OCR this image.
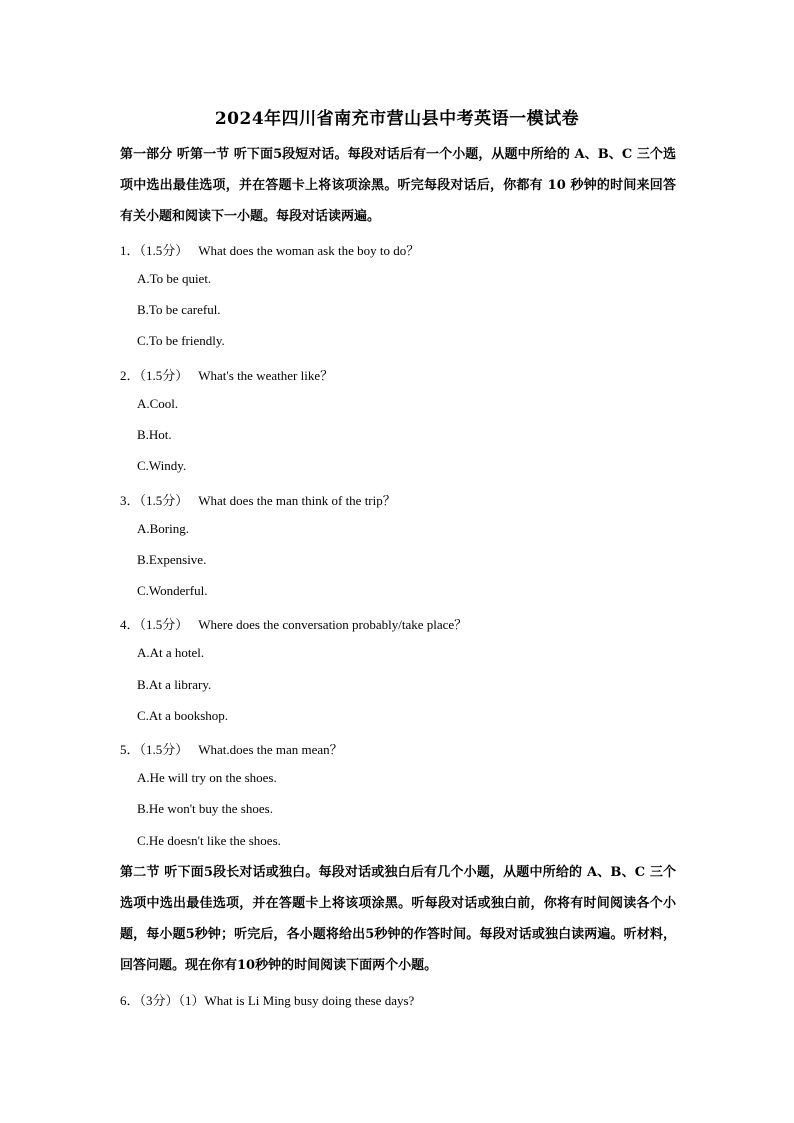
2024年四川省南充市营山县中考英语一模试卷
第一部分 听第一节 听下面5段短对话。每段对话后有一个小题，从题中所给的 A、B、C 三个选项中选出最佳选项，并在答题卡上将该项涂黑。听完每段对话后，你都有 10 秒钟的时间来回答有关小题和阅读下一小题。每段对话读两遍。
1．（1.5分） What does the woman ask the boy to do？
A.To be quiet.
B.To be careful.
C.To be friendly.
2．（1.5分） What's the weather like？
A.Cool.
B.Hot.
C.Windy.
3．（1.5分） What does the man think of the trip？
A.Boring.
B.Expensive.
C.Wonderful.
4．（1.5分） Where does the conversation probably/take place？
A.At a hotel.
B.At a library.
C.At a bookshop.
5．（1.5分） What.does the man mean？
A.He will try on the shoes.
B.He won't buy the shoes.
C.He doesn't like the shoes.
第二节 听下面5段长对话或独白。每段对话或独白后有几个小题，从题中所给的 A、B、C 三个选项中选出最佳选项，并在答题卡上将该项涂黑。听每段对话或独白前，你将有时间阅读各个小题，每小题5秒钟；听完后，各小题将给出5秒钟的作答时间。每段对话或独白读两遍。听材料，回答问题。现在你有10秒钟的时间阅读下面两个小题。
6．（3分）（1）What is Li Ming busy doing these days?
